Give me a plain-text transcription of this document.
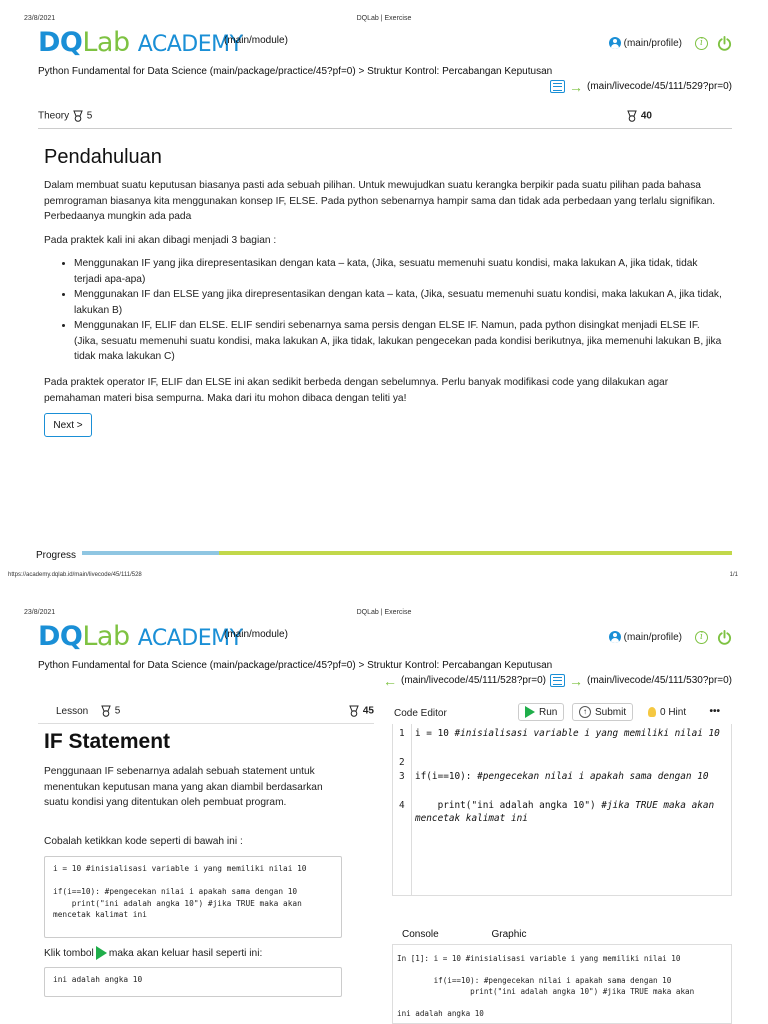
23/8/2021	DQLab | Exercise
DQLab ACADEMY
(main/module)	(main/profile)	i
Python Fundamental for Data Science (main/package/practice/45?pf=0) > Struktur Kontrol: Percabangan Keputusan
→ (main/livecode/45/111/529?pr=0)
Theory 5	40
Pendahuluan
Dalam membuat suatu keputusan biasanya pasti ada sebuah pilihan. Untuk mewujudkan suatu kerangka berpikir pada suatu pilihan pada bahasa pemrograman biasanya kita menggunakan konsep IF, ELSE. Pada python sebenarnya hampir sama dan tidak ada perbedaan yang terlalu signifikan. Perbedaanya mungkin ada pada
Pada praktek kali ini akan dibagi menjadi 3 bagian :
• Menggunakan IF yang jika direpresentasikan dengan kata – kata, (Jika, sesuatu memenuhi suatu kondisi, maka lakukan A, jika tidak, tidak terjadi apa-apa)
• Menggunakan IF dan ELSE yang jika direpresentasikan dengan kata – kata, (Jika, sesuatu memenuhi suatu kondisi, maka lakukan A, jika tidak, lakukan B)
• Menggunakan IF, ELIF dan ELSE. ELIF sendiri sebenarnya sama persis dengan ELSE IF. Namun, pada python disingkat menjadi ELSE IF. (Jika, sesuatu memenuhi suatu kondisi, maka lakukan A, jika tidak, lakukan pengecekan pada kondisi berikutnya, jika memenuhi lakukan B, jika tidak maka lakukan C)
Pada praktek operator IF, ELIF dan ELSE ini akan sedikit berbeda dengan sebelumnya. Perlu banyak modifikasi code yang dilakukan agar pemahaman materi bisa sempurna. Maka dari itu mohon dibaca dengan teliti ya!
Next >
Progress
https://academy.dqlab.id/main/livecode/45/111/528	1/1
23/8/2021	DQLab | Exercise
DQLab ACADEMY
(main/module)	(main/profile)	i
Python Fundamental for Data Science (main/package/practice/45?pf=0) > Struktur Kontrol: Percabangan Keputusan
← (main/livecode/45/111/528?pr=0) → (main/livecode/45/111/530?pr=0)
Lesson	5	45
IF Statement
Penggunaan IF sebenarnya adalah sebuah statement untuk menentukan keputusan mana yang akan diambil berdasarkan suatu kondisi yang ditentukan oleh pembuat program.
Cobalah ketikkan kode seperti di bawah ini :
i = 10 #inisialisasi variable i yang memiliki nilai 10

if(i==10): #pengecekan nilai i apakah sama dengan 10
print("ini adalah angka 10") #jika TRUE maka akan
mencetak kalimat ini
Klik tombol maka akan keluar hasil seperti ini:
ini adalah angka 10
Code Editor	Run	↑ Submit	0 Hint •••
1 i = 10 #inisialisasi variable i yang memiliki nilai 10
2
3 if(i==10): #pengecekan nilai i apakah sama dengan 10
4 print("ini adalah angka 10") #jika TRUE maka akan mencetak kalimat ini
Console	Graphic
In [1]: i = 10 #inisialisasi variable i yang memiliki nilai 10

if(i==10): #pengecekan nilai i apakah sama dengan 10
print("ini adalah angka 10") #jika TRUE maka akan

ini adalah angka 10
